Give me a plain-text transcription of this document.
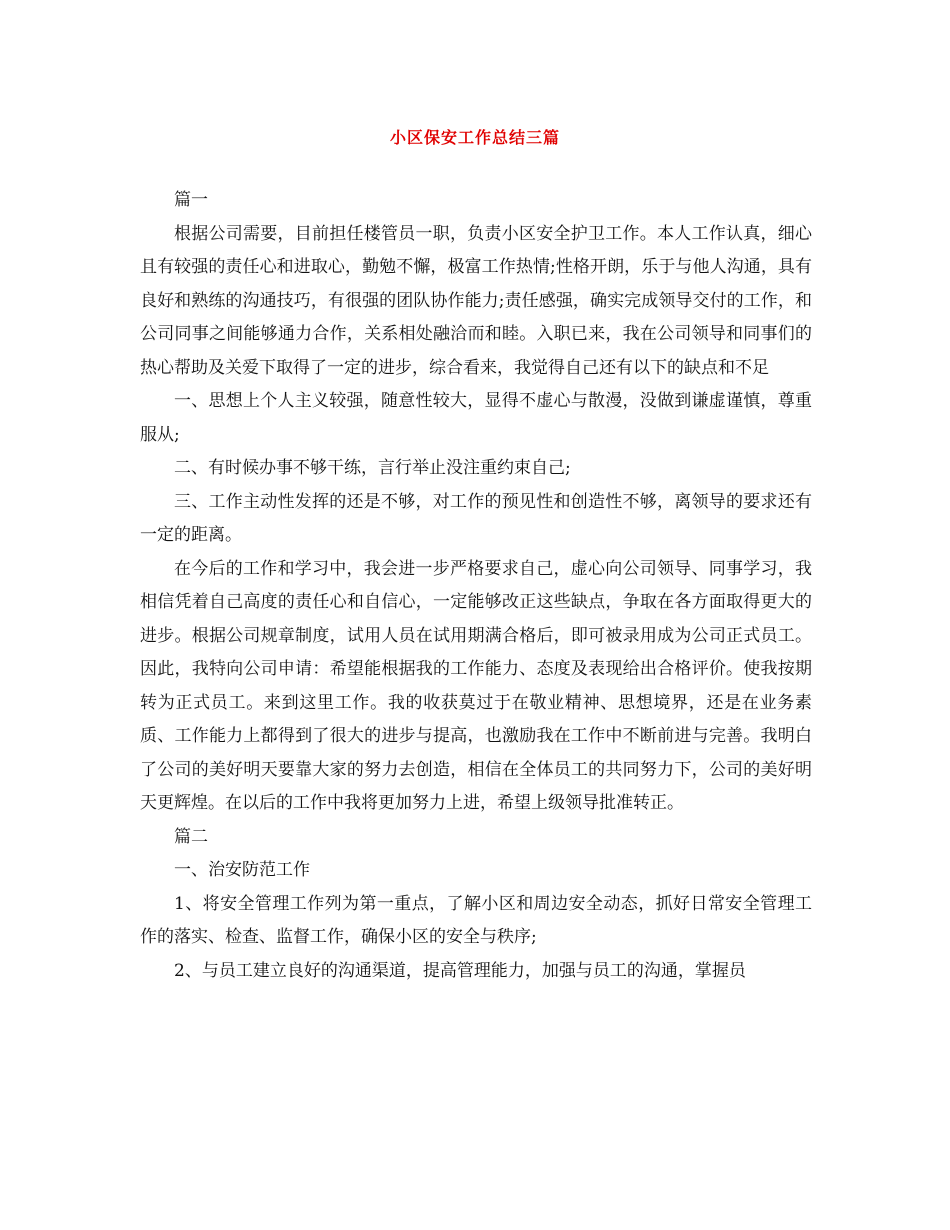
小区保安工作总结三篇

篇一

根据公司需要，目前担任楼管员一职，负责小区安全护卫工作。本人工作认真，细心且有较强的责任心和进取心，勤勉不懈，极富工作热情;性格开朗，乐于与他人沟通，具有良好和熟练的沟通技巧，有很强的团队协作能力;责任感强，确实完成领导交付的工作，和公司同事之间能够通力合作，关系相处融洽而和睦。入职已来，我在公司领导和同事们的热心帮助及关爱下取得了一定的进步，综合看来，我觉得自己还有以下的缺点和不足

一、思想上个人主义较强，随意性较大，显得不虚心与散漫，没做到谦虚谨慎，尊重服从;

二、有时候办事不够干练，言行举止没注重约束自己;

三、工作主动性发挥的还是不够，对工作的预见性和创造性不够，离领导的要求还有一定的距离。

在今后的工作和学习中，我会进一步严格要求自己，虚心向公司领导、同事学习，我相信凭着自己高度的责任心和自信心，一定能够改正这些缺点，争取在各方面取得更大的进步。根据公司规章制度，试用人员在试用期满合格后，即可被录用成为公司正式员工。因此，我特向公司申请：希望能根据我的工作能力、态度及表现给出合格评价。使我按期转为正式员工。来到这里工作。我的收获莫过于在敬业精神、思想境界，还是在业务素质、工作能力上都得到了很大的进步与提高，也激励我在工作中不断前进与完善。我明白了公司的美好明天要靠大家的努力去创造，相信在全体员工的共同努力下，公司的美好明天更辉煌。在以后的工作中我将更加努力上进，希望上级领导批准转正。

篇二

一、治安防范工作

1、将安全管理工作列为第一重点，了解小区和周边安全动态，抓好日常安全管理工作的落实、检查、监督工作，确保小区的安全与秩序;

2、与员工建立良好的沟通渠道，提高管理能力，加强与员工的沟通，掌握员
